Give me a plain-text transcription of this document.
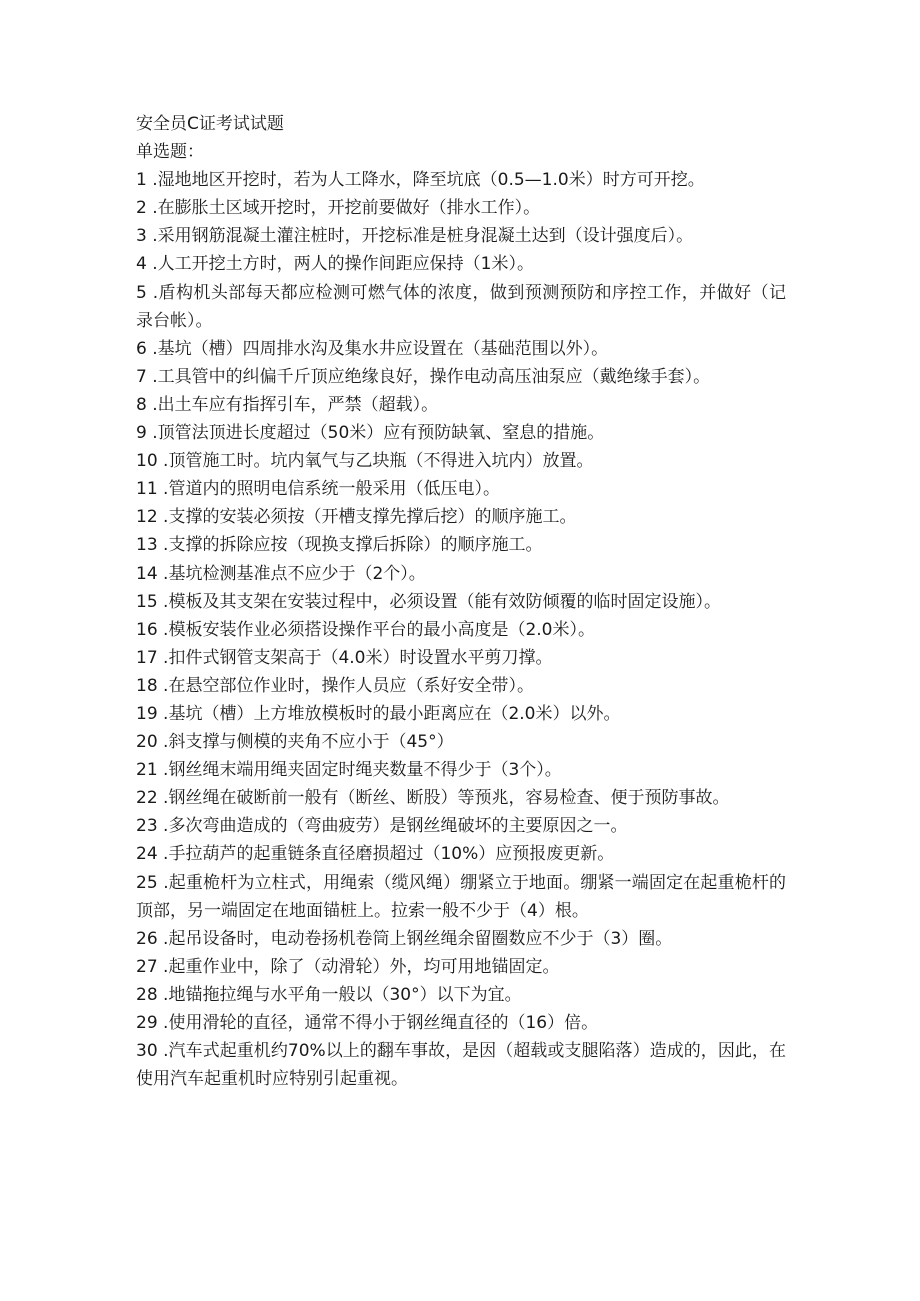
安全员C证考试试题
单选题：
1 .湿地地区开挖时，若为人工降水，降至坑底（0.5—1.0米）时方可开挖。
2 .在膨胀土区域开挖时，开挖前要做好（排水工作）。
3 .采用钢筋混凝土灌注桩时，开挖标准是桩身混凝土达到（设计强度后）。
4 .人工开挖土方时，两人的操作间距应保持（1米）。
5 .盾构机头部每天都应检测可燃气体的浓度，做到预测预防和序控工作，并做好（记录台帐）。
6 .基坑（槽）四周排水沟及集水井应设置在（基础范围以外）。
7 .工具管中的纠偏千斤顶应绝缘良好，操作电动高压油泵应（戴绝缘手套）。
8 .出土车应有指挥引车，严禁（超载）。
9 .顶管法顶进长度超过（50米）应有预防缺氧、窒息的措施。
10 .顶管施工时。坑内氧气与乙块瓶（不得进入坑内）放置。
11 .管道内的照明电信系统一般采用（低压电）。
12 .支撑的安装必须按（开槽支撑先撑后挖）的顺序施工。
13 .支撑的拆除应按（现换支撑后拆除）的顺序施工。
14 .基坑检测基准点不应少于（2个）。
15 .模板及其支架在安装过程中，必须设置（能有效防倾覆的临时固定设施）。
16 .模板安装作业必须搭设操作平台的最小高度是（2.0米）。
17 .扣件式钢管支架高于（4.0米）时设置水平剪刀撑。
18 .在悬空部位作业时，操作人员应（系好安全带）。
19 .基坑（槽）上方堆放模板时的最小距离应在（2.0米）以外。
20 .斜支撑与侧模的夹角不应小于（45°）
21 .钢丝绳末端用绳夹固定时绳夹数量不得少于（3个）。
22 .钢丝绳在破断前一般有（断丝、断股）等预兆，容易检查、便于预防事故。
23 .多次弯曲造成的（弯曲疲劳）是钢丝绳破坏的主要原因之一。
24 .手拉葫芦的起重链条直径磨损超过（10%）应预报废更新。
25 .起重桅杆为立柱式，用绳索（缆风绳）绷紧立于地面。绷紧一端固定在起重桅杆的顶部，另一端固定在地面锚桩上。拉索一般不少于（4）根。
26 .起吊设备时，电动卷扬机卷筒上钢丝绳余留圈数应不少于（3）圈。
27 .起重作业中，除了（动滑轮）外，均可用地锚固定。
28 .地锚拖拉绳与水平角一般以（30°）以下为宜。
29 .使用滑轮的直径，通常不得小于钢丝绳直径的（16）倍。
30 .汽车式起重机约70%以上的翻车事故，是因（超载或支腿陷落）造成的，因此，在使用汽车起重机时应特别引起重视。
